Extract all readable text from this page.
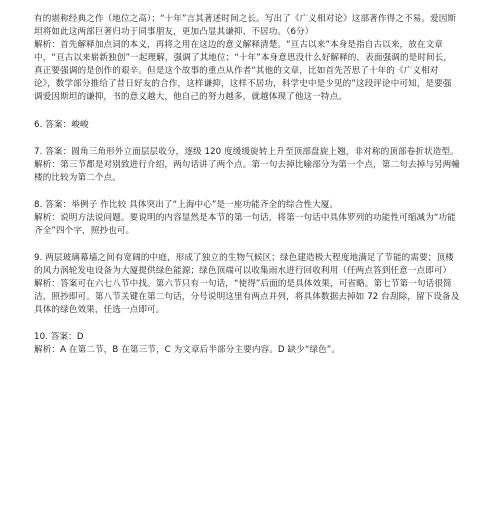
有的堪称经典之作（地位之高）；“十年”言其著述时间之长。写出了《广义相对论》这部著作得之不易。爱因斯坦将如此这两部巨著归功于同事朋友，更加凸显其谦抑、不居功。（6分）

解析：首先解释加点词的本义，再将之用在这边的意义解释清楚。“亘古以来”本身是指自古以来，放在文章中，“亘古以来崭新独创”一起理解，强调了其地位；“十年”本身意思没什么好解释的，表面强调的是时间长，真正要强调的是创作的艰辛。但是这个故事的重点从作者“其他的文章，比如首先苦思了十年的《广义相对论》，数学部分推给了昔日好友的合作，这样谦抑，这样不居功，科学史中是少见的”这段评论中可知，是要强调爱因斯坦的谦抑，书的意义越大，他自己的努力越多，就越体现了他这一特点。

6. 答案：峻峻

7. 答案：圆角三角形外立面层层收分，逐级 120 度缓缓旋转上升至顶部盘旋上翘，非对称的顶部卷折状造型。

解析：第三节都是对别致进行介绍，两句话讲了两个点。第一句去掉比喻部分为第一个点，第二句去掉与另两幢楼的比较为第二个点。

8. 答案：举例子 作比较 具体突出了“上海中心”是一座功能齐全的综合性大厦。

解析：说明方法说问题。要说明的内容显然是本节的第一句话，将第一句话中具体罗列的功能性可缩减为“功能齐全”四个字，照抄也可。

9. 两层玻璃幕墙之间有宽阔的中庭，形成了独立的生物气候区；绿色建造极大程度地满足了节能的需要；顶楼的风力涡轮发电设备为大厦提供绿色能源；绿色顶端可以收集雨水进行回收利用（任两点答到任意一点即可）

解析：答案可在六七八节中找。第六节只有一句话，“使得”后面的是具体效果，可省略。第七节第一句话很简洁，照抄即可。第八节关键在第二句话，分号说明这里有两点并列，将具体数据去掉如 72 台刮除，留下设备及具体的绿色效果，任选一点即可。

10. 答案：D

解析：A 在第二节，B 在第三节，C 为文章后半部分主要内容。D 缺少“绿色”。
